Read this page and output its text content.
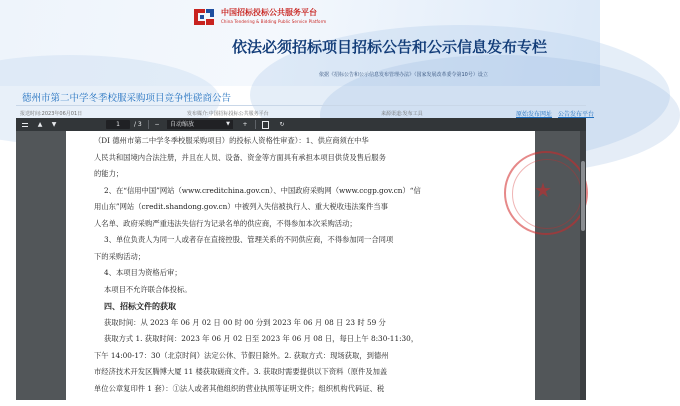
中国招标投标公共服务平台
China Tendering & Bidding Public Service Platform
依法必须招标项目招标公告和公示信息发布专栏
依据《招标公告和公示信息发布管理办法》（国家发展改革委令第10号）设立
德州市第二中学冬季校服采购项目竞争性磋商公告
报送时间:2023年06月01日	发布媒介:中国招标投标公共服务平台	来源渠道:发布工具	原始发布网址 公告发布平台
▲ ▼	1	/ 3 −	自动缩放	▼ +	↻
★
（DI 德州市第二中学冬季校服采购项目）的投标人资格性审查）：1、供应商须在中华
人民共和国境内合法注册，并且在人员、设备、资金等方面具有承担本项目供货及售后服务
的能力；
2、在“信用中国”网站（www.creditchina.gov.cn）、中国政府采购网（www.ccgp.gov.cn）“信
用山东”网站（credit.shandong.gov.cn）中被列入失信被执行人、重大税收违法案件当事
人名单、政府采购严重违法失信行为记录名单的供应商，不得参加本次采购活动；
3、单位负责人为同一人或者存在直接控股、管理关系的不同供应商，不得参加同一合同项
下的采购活动；
4、本项目为资格后审；
本项目不允许联合体投标。
四、招标文件的获取
获取时间：从 2023 年 06 月 02 日 00 时 00 分到 2023 年 06 月 08 日 23 时 59 分
获取方式 1. 获取时间：2023 年 06 月 02 日至 2023 年 06 月 08 日，每日上午 8:30-11:30，
下午 14:00-17：30（北京时间）法定公休、节假日除外。2. 获取方式：现场获取，到德州
市经济技术开发区腾博大厦 11 楼获取磋商文件。3. 获取时需要提供以下资料（原件及加盖
单位公章复印件 1 套）：①法人或者其他组织的营业执照等证明文件；组织机构代码证、税
